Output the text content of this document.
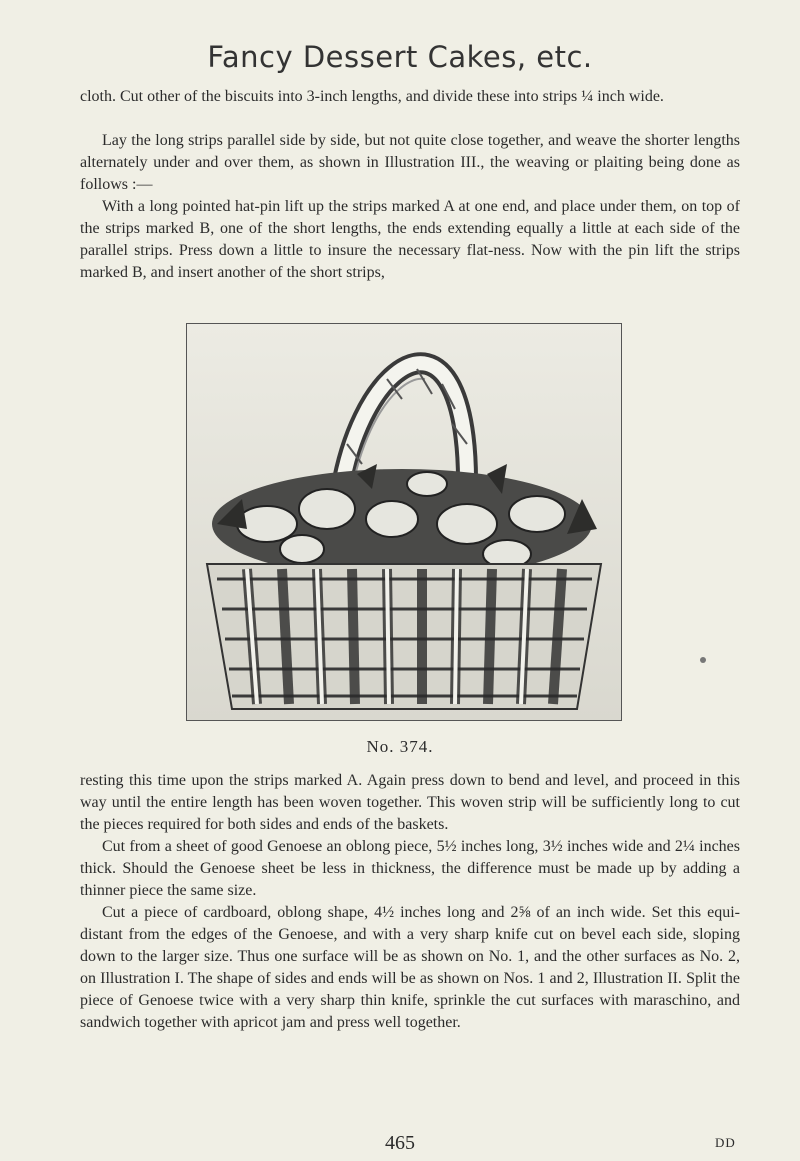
Fancy Dessert Cakes, etc.

cloth. Cut other of the biscuits into 3-inch lengths, and divide these into strips ¼ inch wide.

Lay the long strips parallel side by side, but not quite close together, and weave the shorter lengths alternately under and over them, as shown in Illustration III., the weaving or plaiting being done as follows :—

With a long pointed hat-pin lift up the strips marked A at one end, and place under them, on top of the strips marked B, one of the short lengths, the ends extending equally a little at each side of the parallel strips. Press down a little to insure the necessary flat-ness. Now with the pin lift the strips marked B, and insert another of the short strips,

No. 374.

resting this time upon the strips marked A. Again press down to bend and level, and proceed in this way until the entire length has been woven together. This woven strip will be sufficiently long to cut the pieces required for both sides and ends of the baskets.

Cut from a sheet of good Genoese an oblong piece, 5½ inches long, 3½ inches wide and 2¼ inches thick. Should the Genoese sheet be less in thickness, the difference must be made up by adding a thinner piece the same size.

Cut a piece of cardboard, oblong shape, 4½ inches long and 2⅝ of an inch wide. Set this equi-distant from the edges of the Genoese, and with a very sharp knife cut on bevel each side, sloping down to the larger size. Thus one surface will be as shown on No. 1, and the other surfaces as No. 2, on Illustration I. The shape of sides and ends will be as shown on Nos. 1 and 2, Illustration II. Split the piece of Genoese twice with a very sharp thin knife, sprinkle the cut surfaces with maraschino, and sandwich together with apricot jam and press well together.

465	DD
